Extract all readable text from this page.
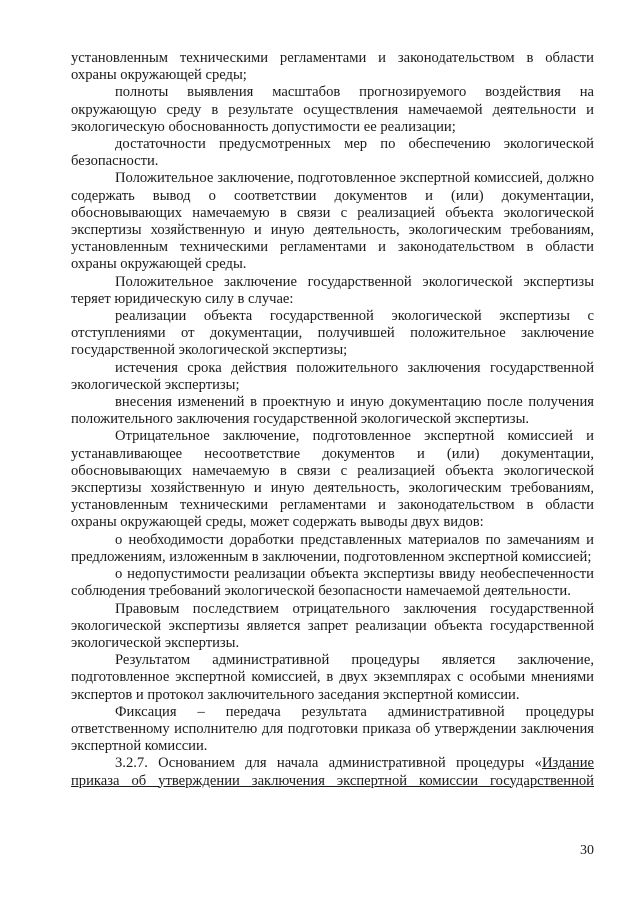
установленным техническими регламентами и законодательством в области охраны окружающей среды;

полноты выявления масштабов прогнозируемого воздействия на окружающую среду в результате осуществления намечаемой деятельности и экологическую обоснованность допустимости ее реализации;

достаточности предусмотренных мер по обеспечению экологической безопасности.

Положительное заключение, подготовленное экспертной комиссией, должно содержать вывод о соответствии документов и (или) документации, обосновывающих намечаемую в связи с реализацией объекта экологической экспертизы хозяйственную и иную деятельность, экологическим требованиям, установленным техническими регламентами и законодательством в области охраны окружающей среды.

Положительное заключение государственной экологической экспертизы теряет юридическую силу в случае:

реализации объекта государственной экологической экспертизы с отступлениями от документации, получившей положительное заключение государственной экологической экспертизы;

истечения срока действия положительного заключения государственной экологической экспертизы;

внесения изменений в проектную и иную документацию после получения положительного заключения государственной экологической экспертизы.

Отрицательное заключение, подготовленное экспертной комиссией и устанавливающее несоответствие документов и (или) документации, обосновывающих намечаемую в связи с реализацией объекта экологической экспертизы хозяйственную и иную деятельность, экологическим требованиям, установленным техническими регламентами и законодательством в области охраны окружающей среды, может содержать выводы двух видов:

о необходимости доработки представленных материалов по замечаниям и предложениям, изложенным в заключении, подготовленном экспертной комиссией;

о недопустимости реализации объекта экспертизы ввиду необеспеченности соблюдения требований экологической безопасности намечаемой деятельности.

Правовым последствием отрицательного заключения государственной экологической экспертизы является запрет реализации объекта государственной экологической экспертизы.

Результатом административной процедуры является заключение, подготовленное экспертной комиссией, в двух экземплярах с особыми мнениями экспертов и протокол заключительного заседания экспертной комиссии.

Фиксация – передача результата административной процедуры ответственному исполнителю для подготовки приказа об утверждении заключения экспертной комиссии.

3.2.7. Основанием для начала административной процедуры «Издание приказа об утверждении заключения экспертной комиссии государственной

30
